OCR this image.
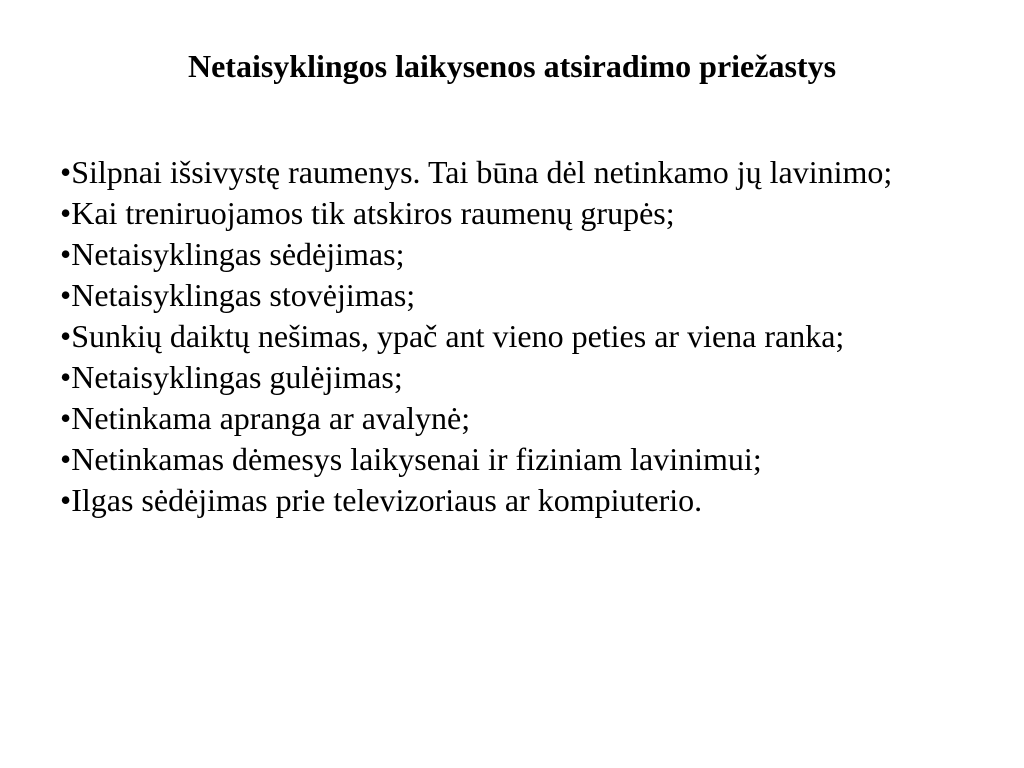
Netaisyklingos laikysenos atsiradimo priežastys
•Silpnai išsivystę raumenys. Tai būna dėl netinkamo jų lavinimo;
•Kai treniruojamos tik atskiros raumenų grupės;
•Netaisyklingas sėdėjimas;
•Netaisyklingas stovėjimas;
•Sunkių daiktų nešimas, ypač ant vieno peties ar viena ranka;
•Netaisyklingas gulėjimas;
•Netinkama apranga ar avalynė;
•Netinkamas dėmesys laikysenai ir fiziniam lavinimui;
•Ilgas sėdėjimas prie televizoriaus ar kompiuterio.
